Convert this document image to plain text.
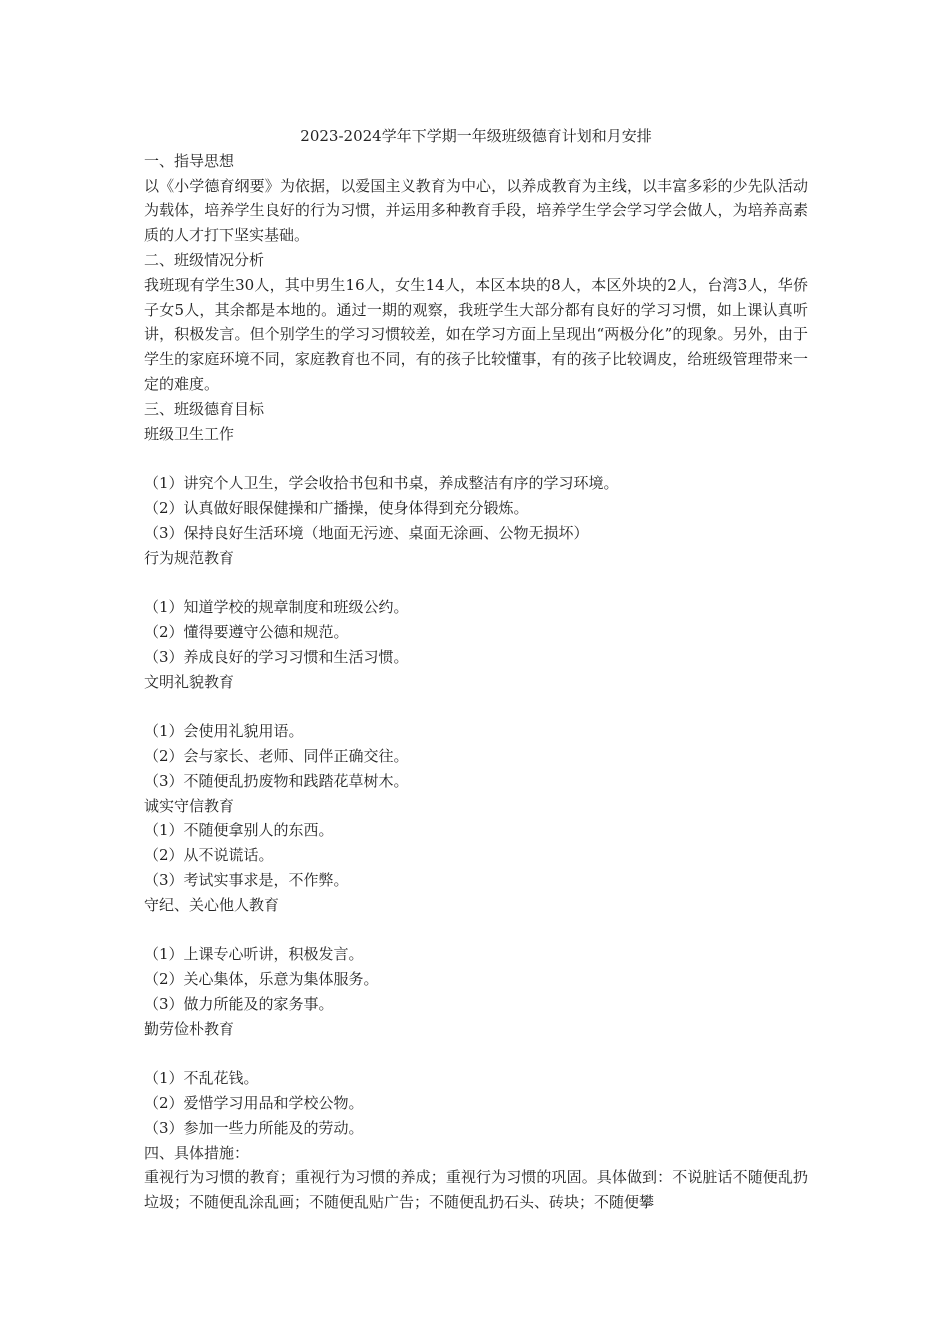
2023-2024学年下学期一年级班级德育计划和月安排

一、指导思想

以《小学德育纲要》为依据，以爱国主义教育为中心，以养成教育为主线，以丰富多彩的少先队活动为载体，培养学生良好的行为习惯，并运用多种教育手段，培养学生学会学习学会做人，为培养高素质的人才打下坚实基础。

二、班级情况分析

我班现有学生30人，其中男生16人，女生14人，本区本块的8人，本区外块的2人，台湾3人，华侨子女5人，其余都是本地的。通过一期的观察，我班学生大部分都有良好的学习习惯，如上课认真听讲，积极发言。但个别学生的学习习惯较差，如在学习方面上呈现出“两极分化”的现象。另外，由于学生的家庭环境不同，家庭教育也不同，有的孩子比较懂事，有的孩子比较调皮，给班级管理带来一定的难度。

三、班级德育目标

班级卫生工作

（1）讲究个人卫生，学会收拾书包和书桌，养成整洁有序的学习环境。

（2）认真做好眼保健操和广播操，使身体得到充分锻炼。

（3）保持良好生活环境（地面无污迹、桌面无涂画、公物无损坏）

行为规范教育

（1）知道学校的规章制度和班级公约。

（2）懂得要遵守公德和规范。

（3）养成良好的学习习惯和生活习惯。

文明礼貌教育

（1）会使用礼貌用语。

（2）会与家长、老师、同伴正确交往。

（3）不随便乱扔废物和践踏花草树木。

诚实守信教育

（1）不随便拿别人的东西。

（2）从不说谎话。

（3）考试实事求是，不作弊。

守纪、关心他人教育

（1）上课专心听讲，积极发言。

（2）关心集体，乐意为集体服务。

（3）做力所能及的家务事。

勤劳俭朴教育

（1）不乱花钱。

（2）爱惜学习用品和学校公物。

（3）参加一些力所能及的劳动。

四、具体措施：

重视行为习惯的教育；重视行为习惯的养成；重视行为习惯的巩固。具体做到：不说脏话不随便乱扔垃圾；不随便乱涂乱画；不随便乱贴广告；不随便乱扔石头、砖块；不随便攀
